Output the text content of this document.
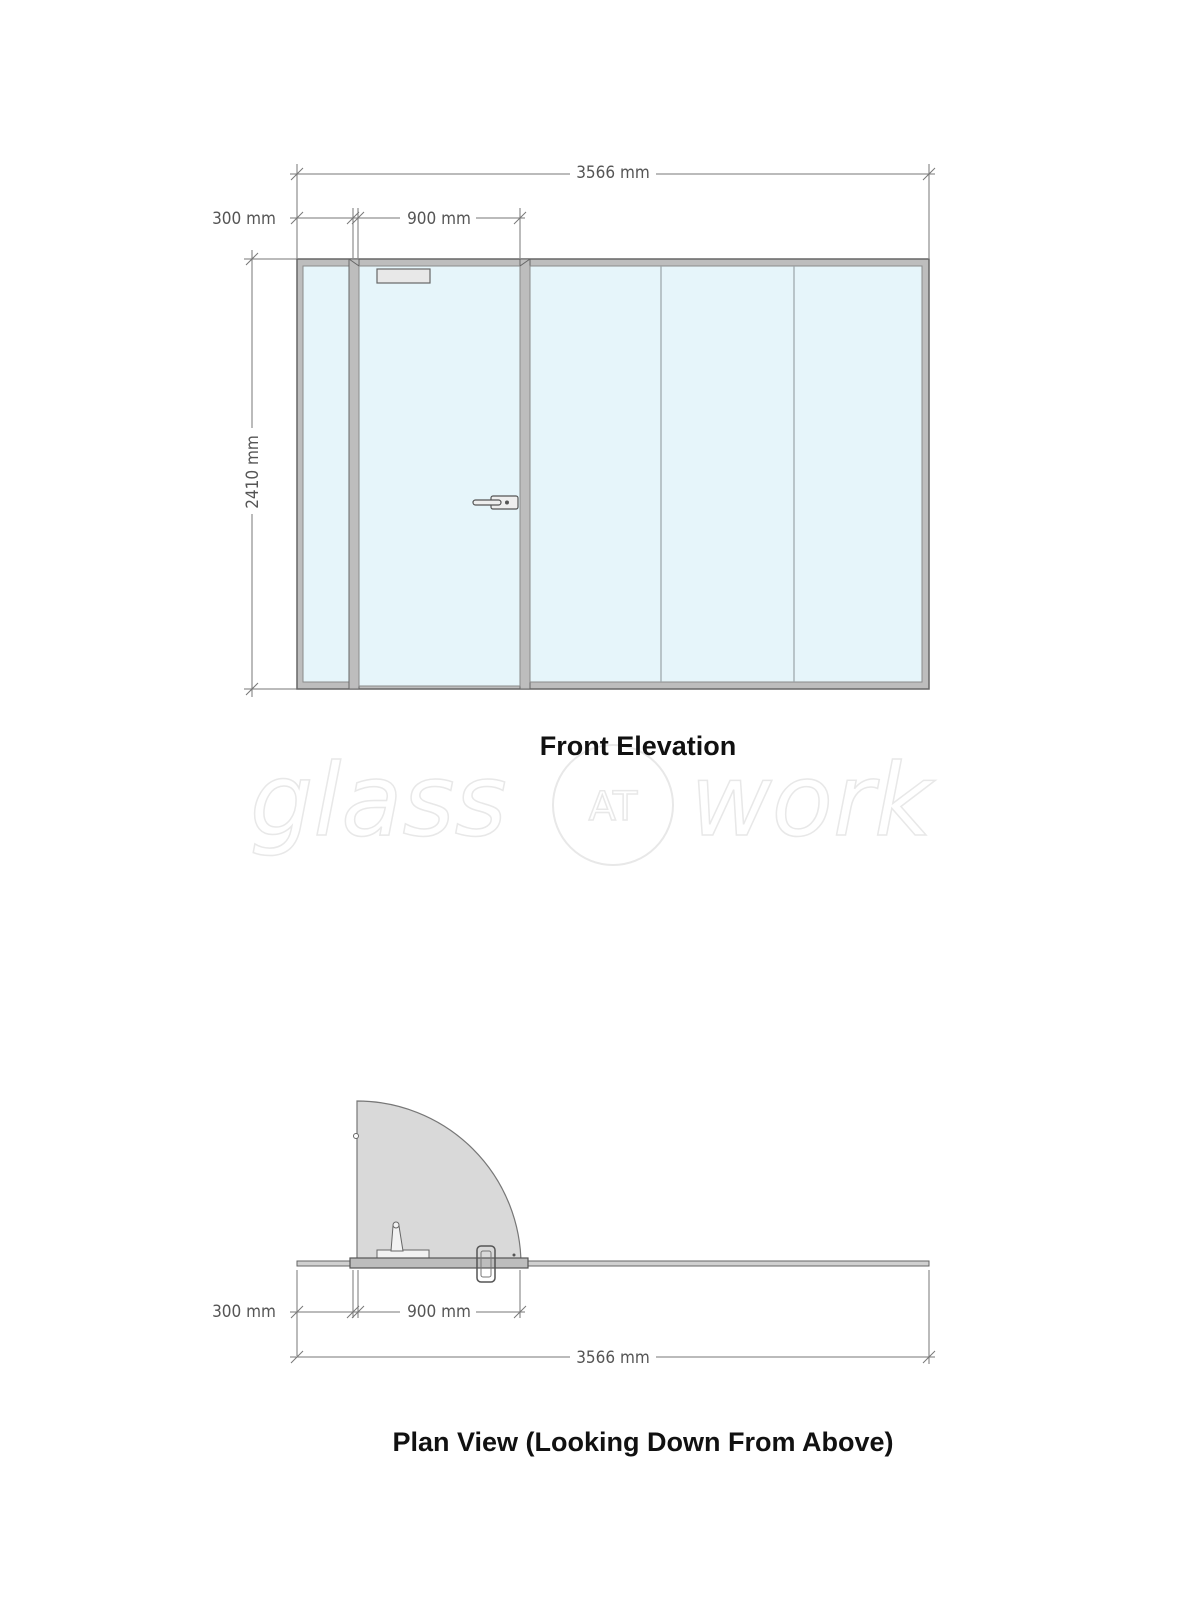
glass AT work
3566 mm
300 mm	900 mm
2410 mm
Front Elevation
300 mm	900 mm
3566 mm
Plan View (Looking Down From Above)
